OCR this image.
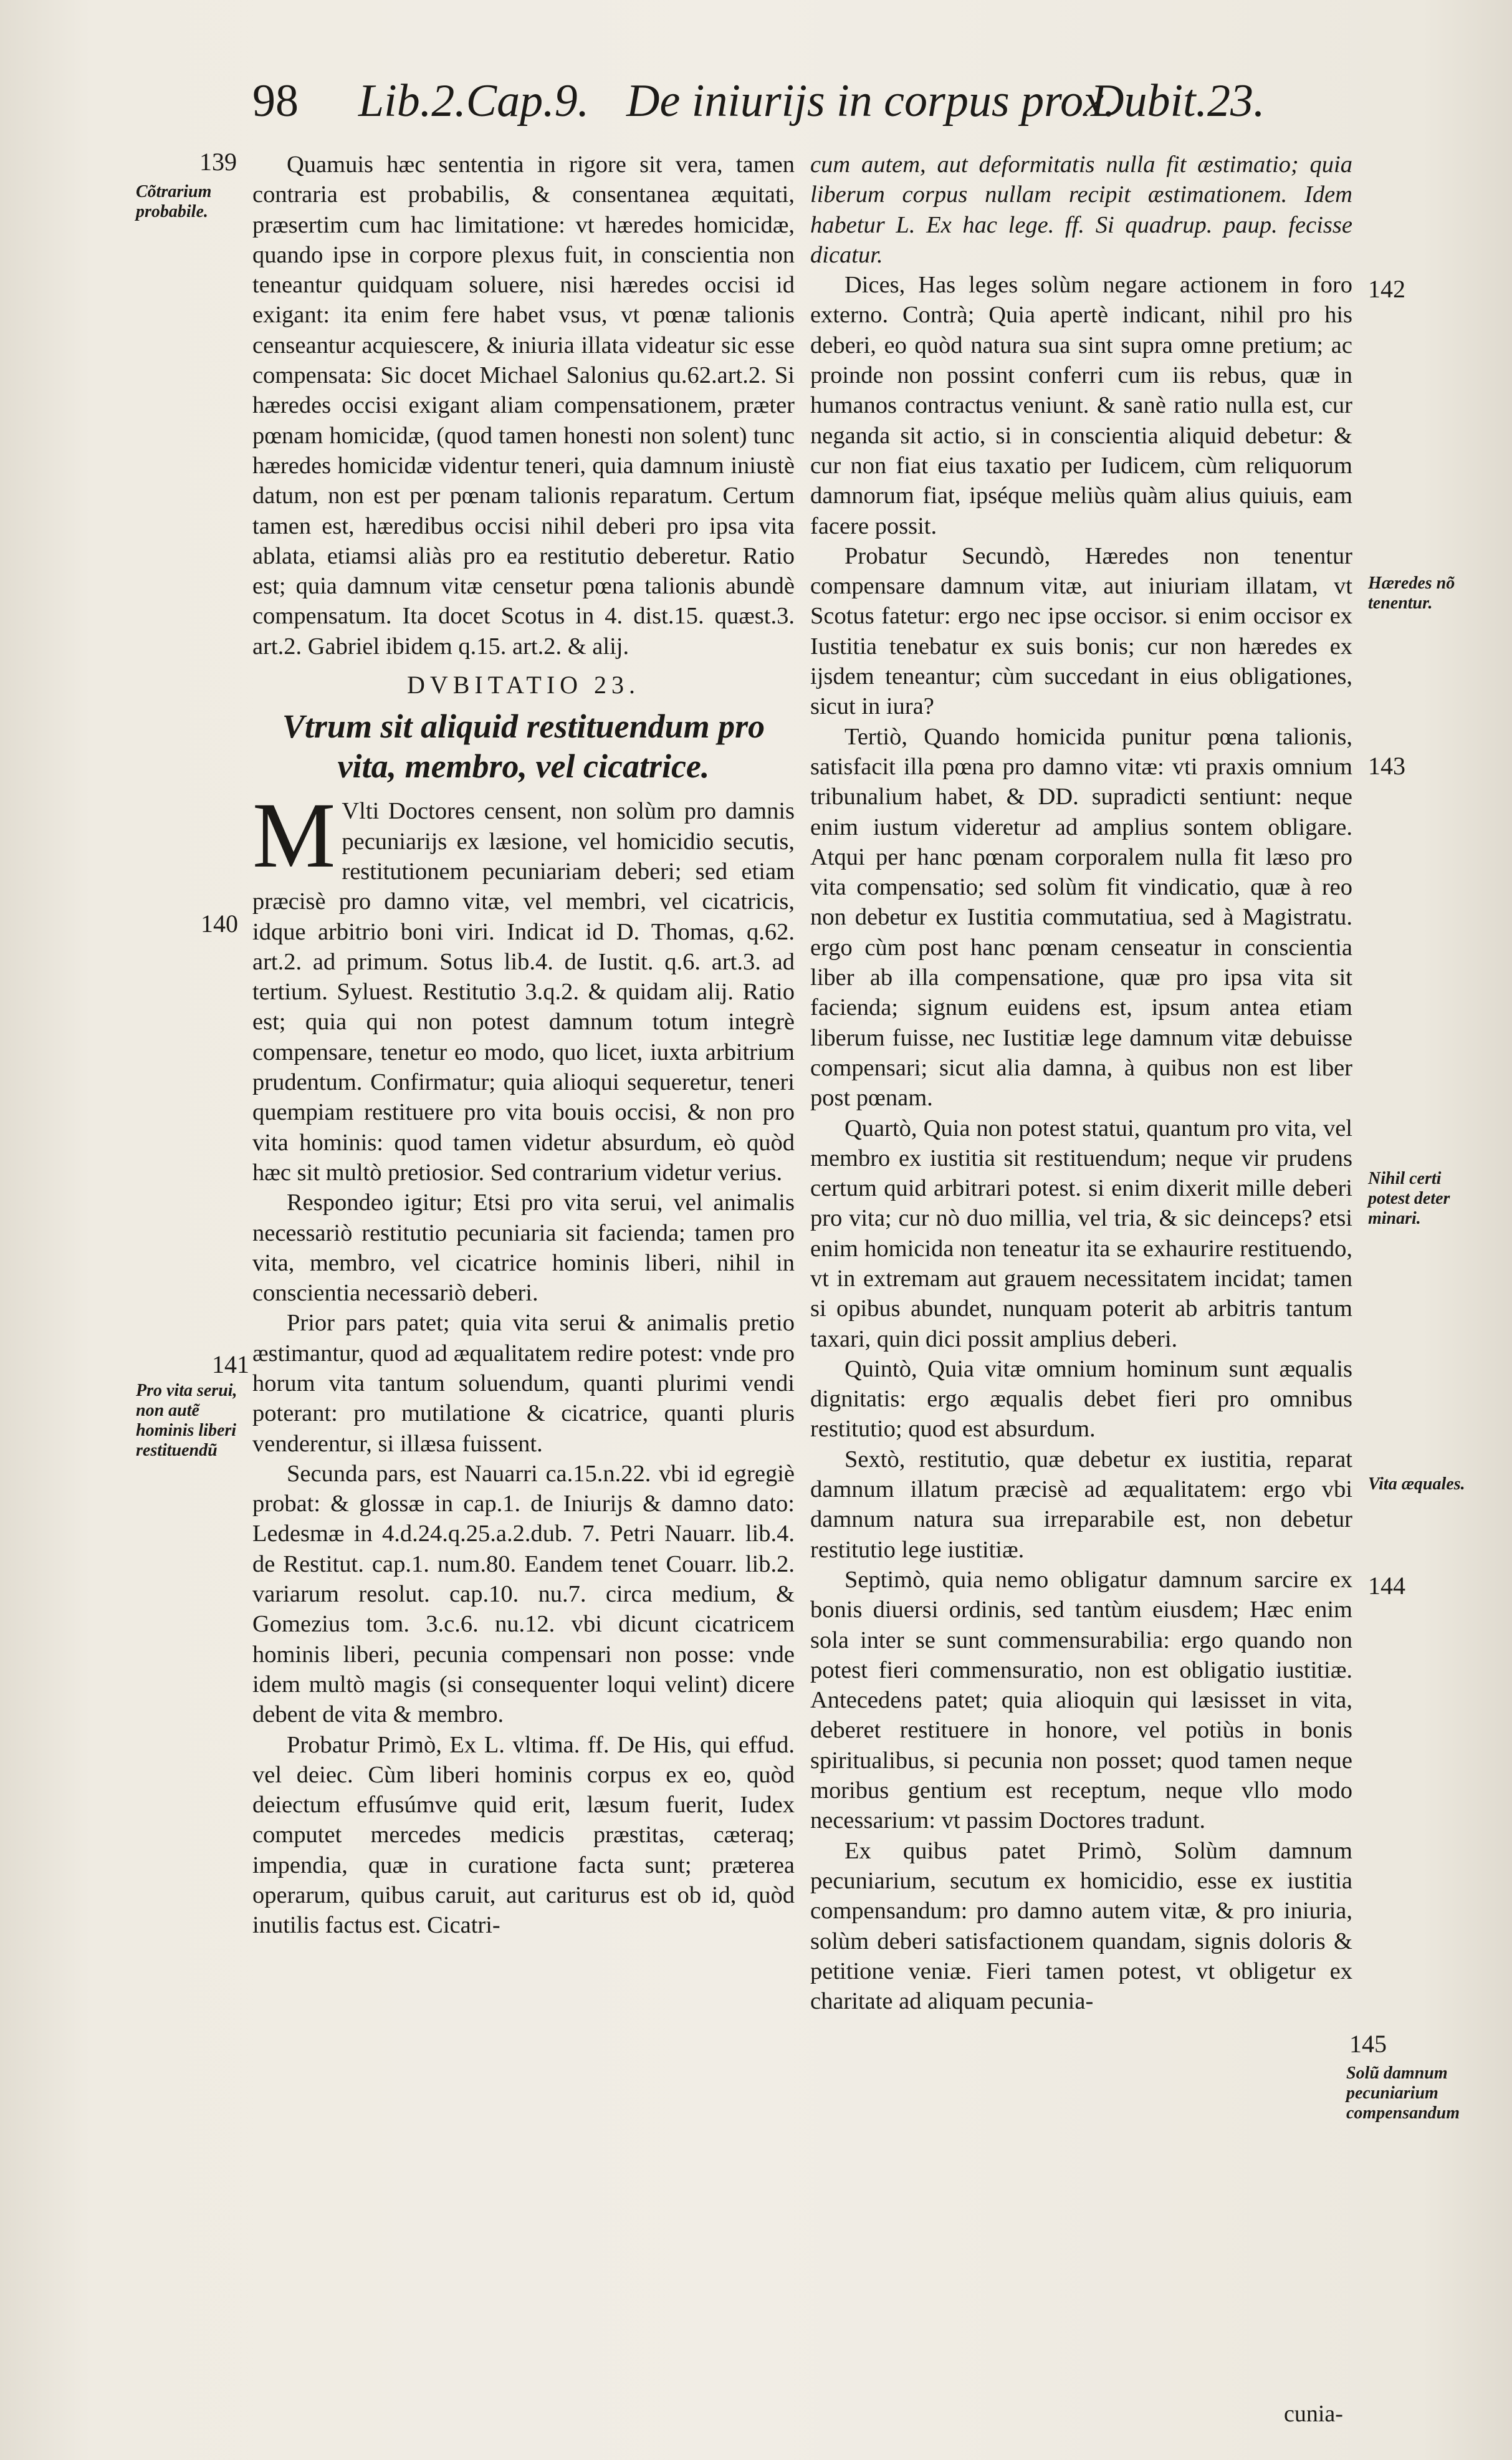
98 Lib.2.Cap.9. De iniurijs in corpus prox.
Dubit.23.
139
Cõtrarium probabile.
140
141
Pro vita serui, non autẽ hominis liberi restituendũ
142
Hæredes nõ tenentur.
143
Nihil certi potest deter minari.
Vita æquales.
144
145
Solũ damnum pecuniarium compensandum

Quamuis hæc sententia in rigore sit vera, tamen contraria est probabilis, & consentanea æquitati, præsertim cum hac limitatione: vt hæredes homicidæ, quando ipse in corpore plexus fuit, in conscientia non teneantur quidquam soluere, nisi hæredes occisi id exigant: ita enim fere habet vsus, vt pœnæ talionis censeantur acquiescere, & iniuria illata videatur sic esse compensata: Sic docet Michael Salonius qu.62.art.2. Si hæredes occisi exigant aliam compensationem, præter pœnam homicidæ, (quod tamen honesti non solent) tunc hæredes homicidæ videntur teneri, quia damnum iniustè datum, non est per pœnam talionis reparatum. Certum tamen est, hæredibus occisi nihil deberi pro ipsa vita ablata, etiamsi aliàs pro ea restitutio deberetur. Ratio est; quia damnum vitæ censetur pœna talionis abundè compensatum. Ita docet Scotus in 4. dist.15. quæst.3. art.2. Gabriel ibidem q.15. art.2. & alij.

DVBITATIO 23.
Vtrum sit aliquid restituendum pro vita, membro, vel cicatrice.

M Vlti Doctores censent, non solùm pro damnis pecuniarijs ex læsione, vel homicidio secutis, restitutionem pecuniariam deberi; sed etiam præcisè pro damno vitæ, vel membri, vel cicatricis, idque arbitrio boni viri. Indicat id D. Thomas, q.62. art.2. ad primum. Sotus lib.4. de Iustit. q.6. art.3. ad tertium. Syluest. Restitutio 3.q.2. & quidam alij. Ratio est; quia qui non potest damnum totum integrè compensare, tenetur eo modo, quo licet, iuxta arbitrium prudentum. Confirmatur; quia alioqui sequeretur, teneri quempiam restituere pro vita bouis occisi, & non pro vita hominis: quod tamen videtur absurdum, eò quòd hæc sit multò pretiosior. Sed contrarium videtur verius.

Respondeo igitur; Etsi pro vita serui, vel animalis necessariò restitutio pecuniaria sit facienda; tamen pro vita, membro, vel cicatrice hominis liberi, nihil in conscientia necessariò deberi.

Prior pars patet; quia vita serui & animalis pretio æstimantur, quod ad æqualitatem redire potest: vnde pro horum vita tantum soluendum, quanti plurimi vendi poterant: pro mutilatione & cicatrice, quanti pluris venderentur, si illæsa fuissent.

Secunda pars, est Nauarri ca.15.n.22. vbi id egregiè probat: & glossæ in cap.1. de Iniurijs & damno dato: Ledesmæ in 4.d.24.q.25.a.2.dub. 7. Petri Nauarr. lib.4. de Restitut. cap.1. num.80. Eandem tenet Couarr. lib.2. variarum resolut. cap.10. nu.7. circa medium, & Gomezius tom. 3.c.6. nu.12. vbi dicunt cicatricem hominis liberi, pecunia compensari non posse: vnde idem multò magis (si consequenter loqui velint) dicere debent de vita & membro.

Probatur Primò, Ex L. vltima. ff. De His, qui effud. vel deiec. Cùm liberi hominis corpus ex eo, quòd deiectum effusúmve quid erit, læsum fuerit, Iudex computet mercedes medicis præstitas, cæteraq; impendia, quæ in curatione facta sunt; præterea operarum, quibus caruit, aut cariturus est ob id, quòd inutilis factus est. Cicatri-

cum autem, aut deformitatis nulla fit æstimatio; quia liberum corpus nullam recipit æstimationem. Idem habetur L. Ex hac lege. ff. Si quadrup. paup. fecisse dicatur.

Dices, Has leges solùm negare actionem in foro externo. Contrà; Quia apertè indicant, nihil pro his deberi, eo quòd natura sua sint supra omne pretium; ac proinde non possint conferri cum iis rebus, quæ in humanos contractus veniunt. & sanè ratio nulla est, cur neganda sit actio, si in conscientia aliquid debetur: & cur non fiat eius taxatio per Iudicem, cùm reliquorum damnorum fiat, ipséque meliùs quàm alius quiuis, eam facere possit.

Probatur Secundò, Hæredes non tenentur compensare damnum vitæ, aut iniuriam illatam, vt Scotus fatetur: ergo nec ipse occisor. si enim occisor ex Iustitia tenebatur ex suis bonis; cur non hæredes ex ijsdem teneantur; cùm succedant in eius obligationes, sicut in iura?

Tertiò, Quando homicida punitur pœna talionis, satisfacit illa pœna pro damno vitæ: vti praxis omnium tribunalium habet, & DD. supradicti sentiunt: neque enim iustum videretur ad amplius sontem obligare. Atqui per hanc pœnam corporalem nulla fit læso pro vita compensatio; sed solùm fit vindicatio, quæ à reo non debetur ex Iustitia commutatiua, sed à Magistratu. ergo cùm post hanc pœnam censeatur in conscientia liber ab illa compensatione, quæ pro ipsa vita sit facienda; signum euidens est, ipsum antea etiam liberum fuisse, nec Iustitiæ lege damnum vitæ debuisse compensari; sicut alia damna, à quibus non est liber post pœnam.

Quartò, Quia non potest statui, quantum pro vita, vel membro ex iustitia sit restituendum; neque vir prudens certum quid arbitrari potest. si enim dixerit mille deberi pro vita; cur nò duo millia, vel tria, & sic deinceps? etsi enim homicida non teneatur ita se exhaurire restituendo, vt in extremam aut grauem necessitatem incidat; tamen si opibus abundet, nunquam poterit ab arbitris tantum taxari, quin dici possit amplius deberi.

Quintò, Quia vitæ omnium hominum sunt æqualis dignitatis: ergo æqualis debet fieri pro omnibus restitutio; quod est absurdum.

Sextò, restitutio, quæ debetur ex iustitia, reparat damnum illatum præcisè ad æqualitatem: ergo vbi damnum natura sua irreparabile est, non debetur restitutio lege iustitiæ.

Septimò, quia nemo obligatur damnum sarcire ex bonis diuersi ordinis, sed tantùm eiusdem; Hæc enim sola inter se sunt commensurabilia: ergo quando non potest fieri commensuratio, non est obligatio iustitiæ. Antecedens patet; quia alioquin qui læsisset in vita, deberet restituere in honore, vel potiùs in bonis spiritualibus, si pecunia non posset; quod tamen neque moribus gentium est receptum, neque vllo modo necessarium: vt passim Doctores tradunt.

Ex quibus patet Primò, Solùm damnum pecuniarium, secutum ex homicidio, esse ex iustitia compensandum: pro damno autem vitæ, & pro iniuria, solùm deberi satisfactionem quandam, signis doloris & petitione veniæ. Fieri tamen potest, vt obligetur ex charitate ad aliquam pecunia-

cunia-
